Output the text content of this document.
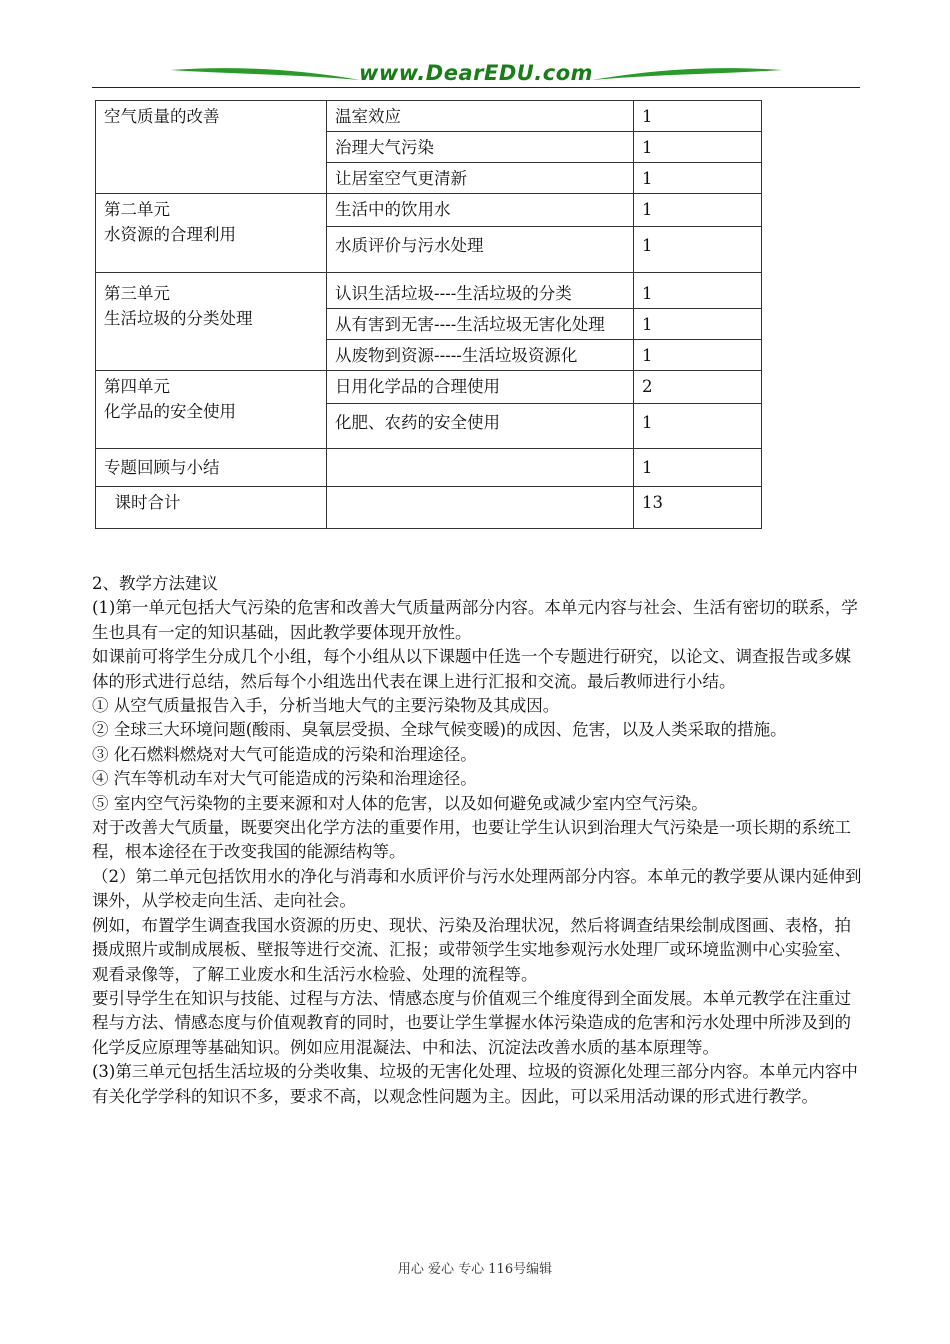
www.DearEDU.com
空气质量的改善	温室效应	1
	治理大气污染	1
	让居室空气更清新	1
第二单元
水资源的合理利用	生活中的饮用水	1
	水质评价与污水处理	1
第三单元
生活垃圾的分类处理	认识生活垃圾----生活垃圾的分类	1
	从有害到无害----生活垃圾无害化处理	1
	从废物到资源-----生活垃圾资源化	1
第四单元
化学品的安全使用	日用化学品的合理使用	2
	化肥、农药的安全使用	1
专题回顾与小结		1
课时合计		13

2、教学方法建议

(1)第一单元包括大气污染的危害和改善大气质量两部分内容。本单元内容与社会、生活有密切的联系，学生也具有一定的知识基础，因此教学要体现开放性。

如课前可将学生分成几个小组，每个小组从以下课题中任选一个专题进行研究，以论文、调查报告或多媒体的形式进行总结，然后每个小组选出代表在课上进行汇报和交流。最后教师进行小结。

① 从空气质量报告入手，分析当地大气的主要污染物及其成因。

② 全球三大环境问题(酸雨、臭氧层受损、全球气候变暖)的成因、危害，以及人类采取的措施。

③ 化石燃料燃烧对大气可能造成的污染和治理途径。

④ 汽车等机动车对大气可能造成的污染和治理途径。

⑤ 室内空气污染物的主要来源和对人体的危害，以及如何避免或减少室内空气污染。

对于改善大气质量，既要突出化学方法的重要作用，也要让学生认识到治理大气污染是一项长期的系统工程，根本途径在于改变我国的能源结构等。

（2）第二单元包括饮用水的净化与消毒和水质评价与污水处理两部分内容。本单元的教学要从课内延伸到课外，从学校走向生活、走向社会。

例如，布置学生调查我国水资源的历史、现状、污染及治理状况，然后将调查结果绘制成图画、表格，拍摄成照片或制成展板、壁报等进行交流、汇报；或带领学生实地参观污水处理厂或环境监测中心实验室、观看录像等，了解工业废水和生活污水检验、处理的流程等。

要引导学生在知识与技能、过程与方法、情感态度与价值观三个维度得到全面发展。本单元教学在注重过程与方法、情感态度与价值观教育的同时，也要让学生掌握水体污染造成的危害和污水处理中所涉及到的化学反应原理等基础知识。例如应用混凝法、中和法、沉淀法改善水质的基本原理等。

(3)第三单元包括生活垃圾的分类收集、垃圾的无害化处理、垃圾的资源化处理三部分内容。本单元内容中有关化学学科的知识不多，要求不高，以观念性问题为主。因此，可以采用活动课的形式进行教学。

用心 爱心 专心 116号编辑
